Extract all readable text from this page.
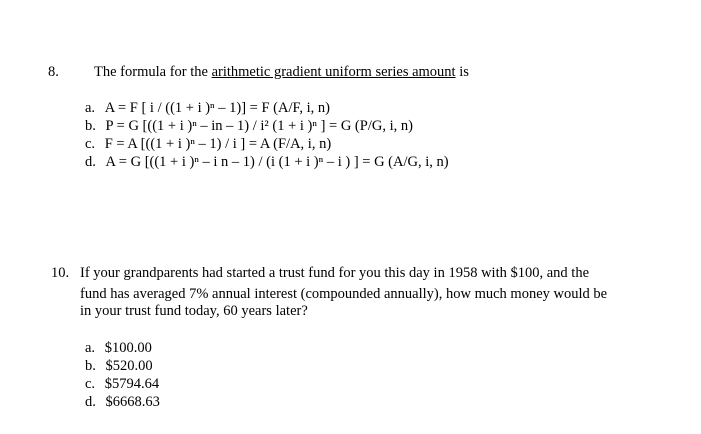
8. The formula for the arithmetic gradient uniform series amount is
a. A = F [ i / ((1 + i )ⁿ – 1)] = F (A/F, i, n)
b. P = G [((1 + i )ⁿ – in – 1) / i² (1 + i )ⁿ ] = G (P/G, i, n)
c. F = A [((1 + i )ⁿ – 1) / i ] = A (F/A, i, n)
d. A = G [((1 + i )ⁿ – i n – 1) / (i (1 + i )ⁿ – i ) ] = G (A/G, i, n)
10. If your grandparents had started a trust fund for you this day in 1958 with $100, and the
fund has averaged 7% annual interest (compounded annually), how much money would be
in your trust fund today, 60 years later?
a. $100.00
b. $520.00
c. $5794.64
d. $6668.63
